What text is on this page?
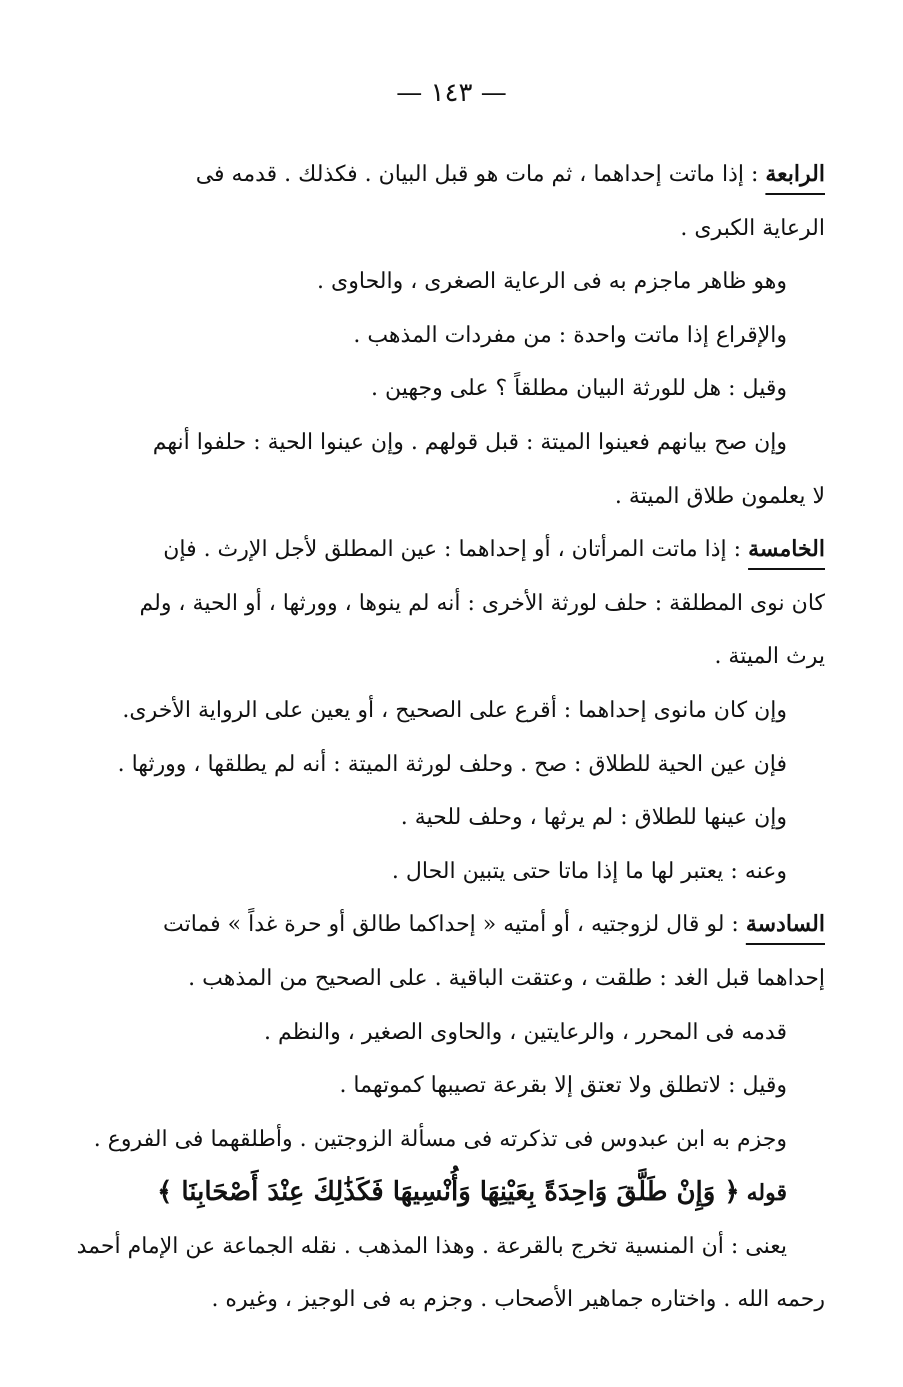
— ١٤٣ —
الرابعة : إذا ماتت إحداهما ، ثم مات هو قبل البيان . فكذلك . قدمه فى
الرعاية الكبرى .
وهو ظاهر ماجزم به فى الرعاية الصغرى ، والحاوى .
والإقراع إذا ماتت واحدة : من مفردات المذهب .
وقيل : هل للورثة البيان مطلقاً ؟ على وجهين .
وإن صح بيانهم فعينوا الميتة : قبل قولهم . وإن عينوا الحية : حلفوا أنهم
لا يعلمون طلاق الميتة .
الخامسة : إذا ماتت المرأتان ، أو إحداهما : عين المطلق لأجل الإرث . فإن
كان نوى المطلقة : حلف لورثة الأخرى : أنه لم ينوها ، وورثها ، أو الحية ، ولم
يرث الميتة .
وإن كان مانوى إحداهما : أقرع على الصحيح ، أو يعين على الرواية الأخرى.
فإن عين الحية للطلاق : صح . وحلف لورثة الميتة : أنه لم يطلقها ، وورثها .
وإن عينها للطلاق : لم يرثها ، وحلف للحية .
وعنه : يعتبر لها ما إذا ماتا حتى يتبين الحال .
السادسة : لو قال لزوجتيه ، أو أمتيه « إحداكما طالق أو حرة غداً » فماتت
إحداهما قبل الغد : طلقت ، وعتقت الباقية . على الصحيح من المذهب .
قدمه فى المحرر ، والرعايتين ، والحاوى الصغير ، والنظم .
وقيل : لاتطلق ولا تعتق إلا بقرعة تصيبها كموتهما .
وجزم به ابن عبدوس فى تذكرته فى مسألة الزوجتين . وأطلقهما فى الفروع .
قوله ﴿ وَإِنْ طَلَّقَ وَاحِدَةً بِعَيْنِهَا وَأُنْسِيهَا فَكَذَٰلِكَ عِنْدَ أَصْحَابِنَا ﴾
يعنى : أن المنسية تخرج بالقرعة . وهذا المذهب . نقله الجماعة عن الإمام أحمد
رحمه الله . واختاره جماهير الأصحاب . وجزم به فى الوجيز ، وغيره .
